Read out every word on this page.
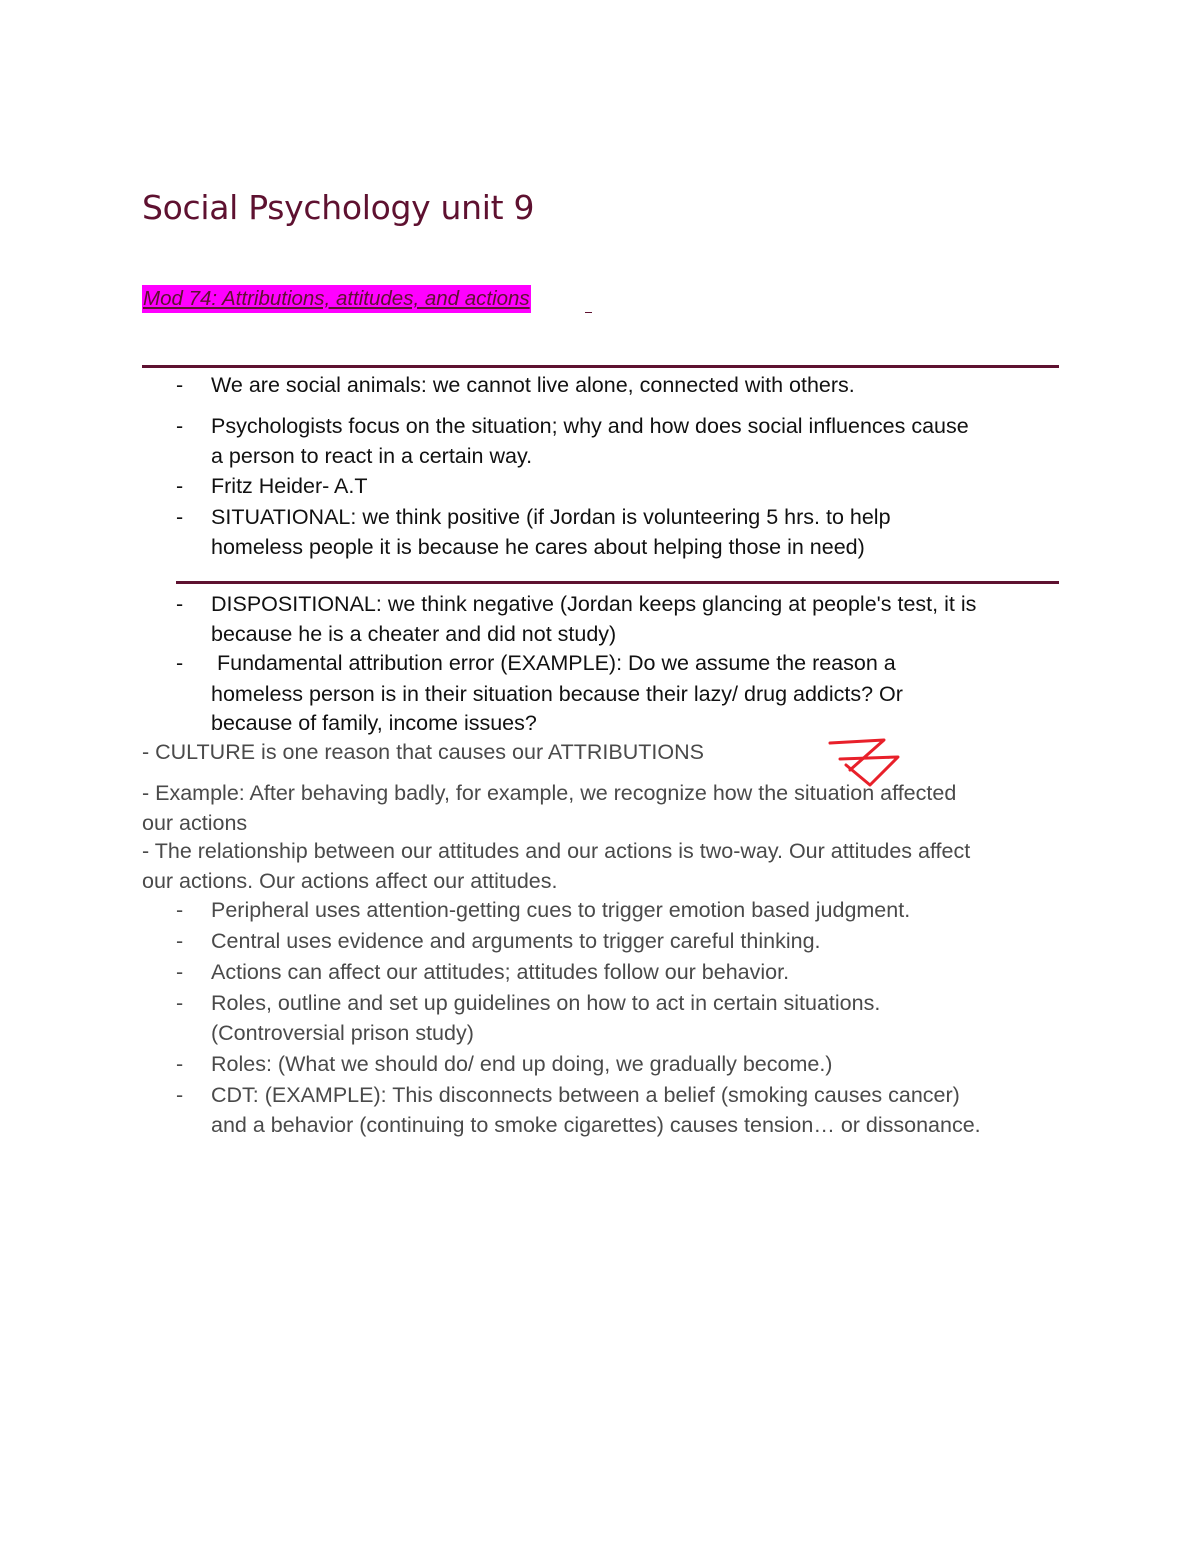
Social Psychology unit 9
Mod 74: Attributions, attitudes, and actions
- We are social animals: we cannot live alone, connected with others.
- Psychologists focus on the situation; why and how does social influences cause
a person to react in a certain way.
- Fritz Heider- A.T
- SITUATIONAL: we think positive (if Jordan is volunteering 5 hrs. to help
homeless people it is because he cares about helping those in need)
- DISPOSITIONAL: we think negative (Jordan keeps glancing at people's test, it is
because he is a cheater and did not study)
- Fundamental attribution error (EXAMPLE): Do we assume the reason a
homeless person is in their situation because their lazy/ drug addicts? Or
because of family, income issues?
- CULTURE is one reason that causes our ATTRIBUTIONS
- Example: After behaving badly, for example, we recognize how the situation affected
our actions
- The relationship between our attitudes and our actions is two-way. Our attitudes affect
our actions. Our actions affect our attitudes.
- Peripheral uses attention-getting cues to trigger emotion based judgment.
- Central uses evidence and arguments to trigger careful thinking.
- Actions can affect our attitudes; attitudes follow our behavior.
- Roles, outline and set up guidelines on how to act in certain situations.
(Controversial prison study)
- Roles: (What we should do/ end up doing, we gradually become.)
- CDT: (EXAMPLE): This disconnects between a belief (smoking causes cancer)
and a behavior (continuing to smoke cigarettes) causes tension… or dissonance.
